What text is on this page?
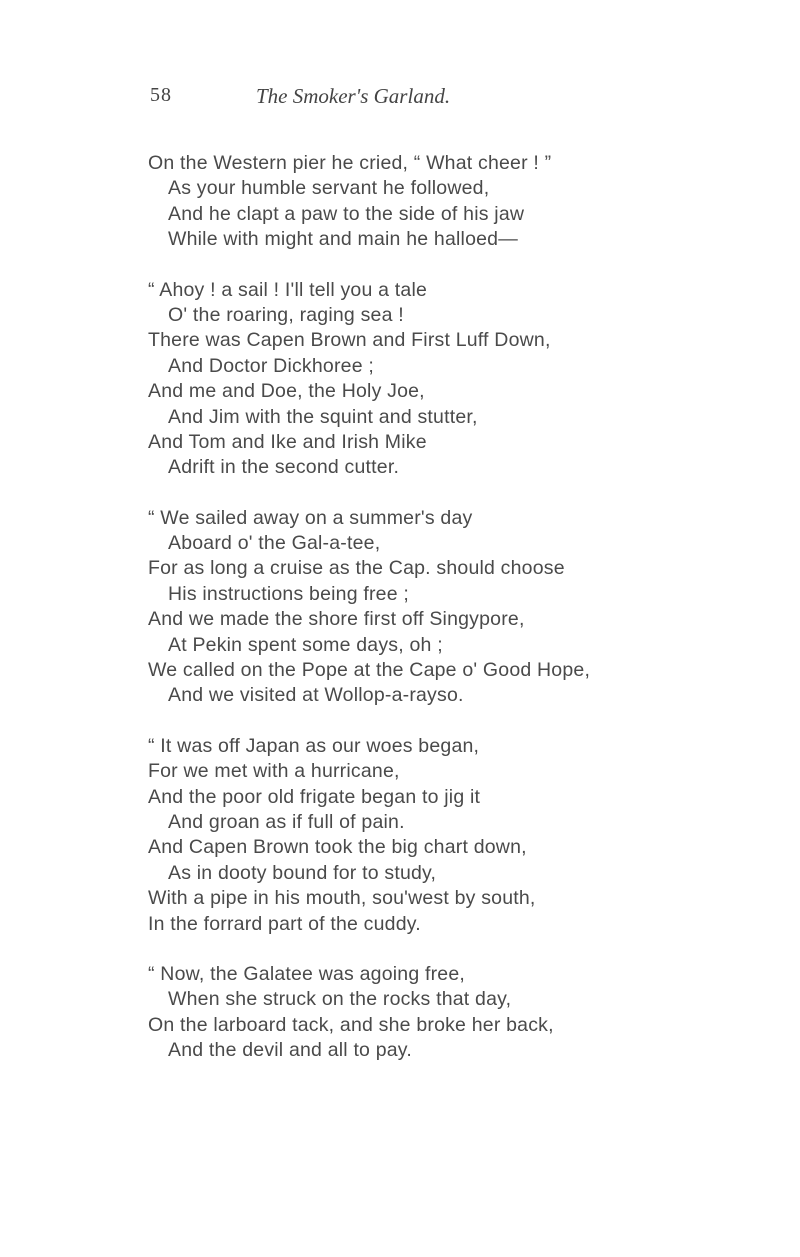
58	The Smoker's Garland.
On the Western pier he cried, “ What cheer ! ”
As your humble servant he followed,
And he clapt a paw to the side of his jaw
While with might and main he halloed—
“ Ahoy ! a sail ! I'll tell you a tale
O' the roaring, raging sea !
There was Capen Brown and First Luff Down,
And Doctor Dickhoree ;
And me and Doe, the Holy Joe,
And Jim with the squint and stutter,
And Tom and Ike and Irish Mike
Adrift in the second cutter.
“ We sailed away on a summer's day
Aboard o' the Gal-a-tee,
For as long a cruise as the Cap. should choose
His instructions being free ;
And we made the shore first off Singypore,
At Pekin spent some days, oh ;
We called on the Pope at the Cape o' Good Hope,
And we visited at Wollop-a-rayso.
“ It was off Japan as our woes began,
For we met with a hurricane,
And the poor old frigate began to jig it
And groan as if full of pain.
And Capen Brown took the big chart down,
As in dooty bound for to study,
With a pipe in his mouth, sou'west by south,
In the forrard part of the cuddy.
“ Now, the Galatee was agoing free,
When she struck on the rocks that day,
On the larboard tack, and she broke her back,
And the devil and all to pay.
